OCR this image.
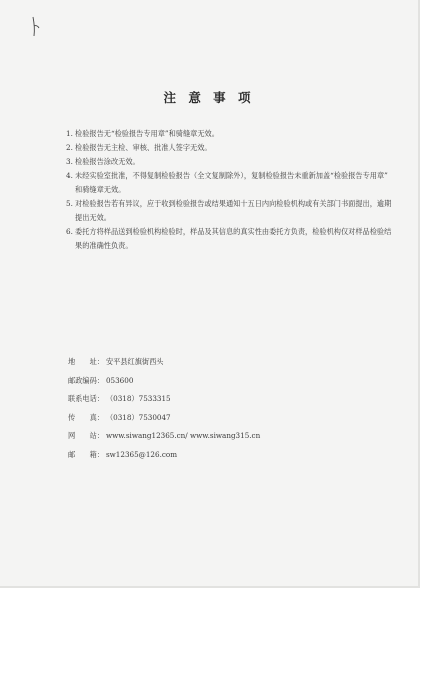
注 意 事 项
1. 检验报告无“检验报告专用章”和骑缝章无效。
2. 检验报告无主检、审核、批准人签字无效。
3. 检验报告涂改无效。
4. 未经实验室批准，不得复制检验报告（全文复制除外），复制检验报告未重新加盖“检验报告专用章” 和骑缝章无效。
5. 对检验报告若有异议，应于收到检验报告或结果通知十五日内向检验机构或有关部门书面提出，逾期提出无效。
6. 委托方将样品送到检验机构检验时，样品及其信息的真实性由委托方负责，检验机构仅对样品检验结果的准确性负责。
地　　址： 安平县红旗街西头
邮政编码： 053600
联系电话： （0318）7533315
传　　真： （0318）7530047
网　　站： www.siwang12365.cn/ www.siwang315.cn
邮　　箱： sw12365@126.com
